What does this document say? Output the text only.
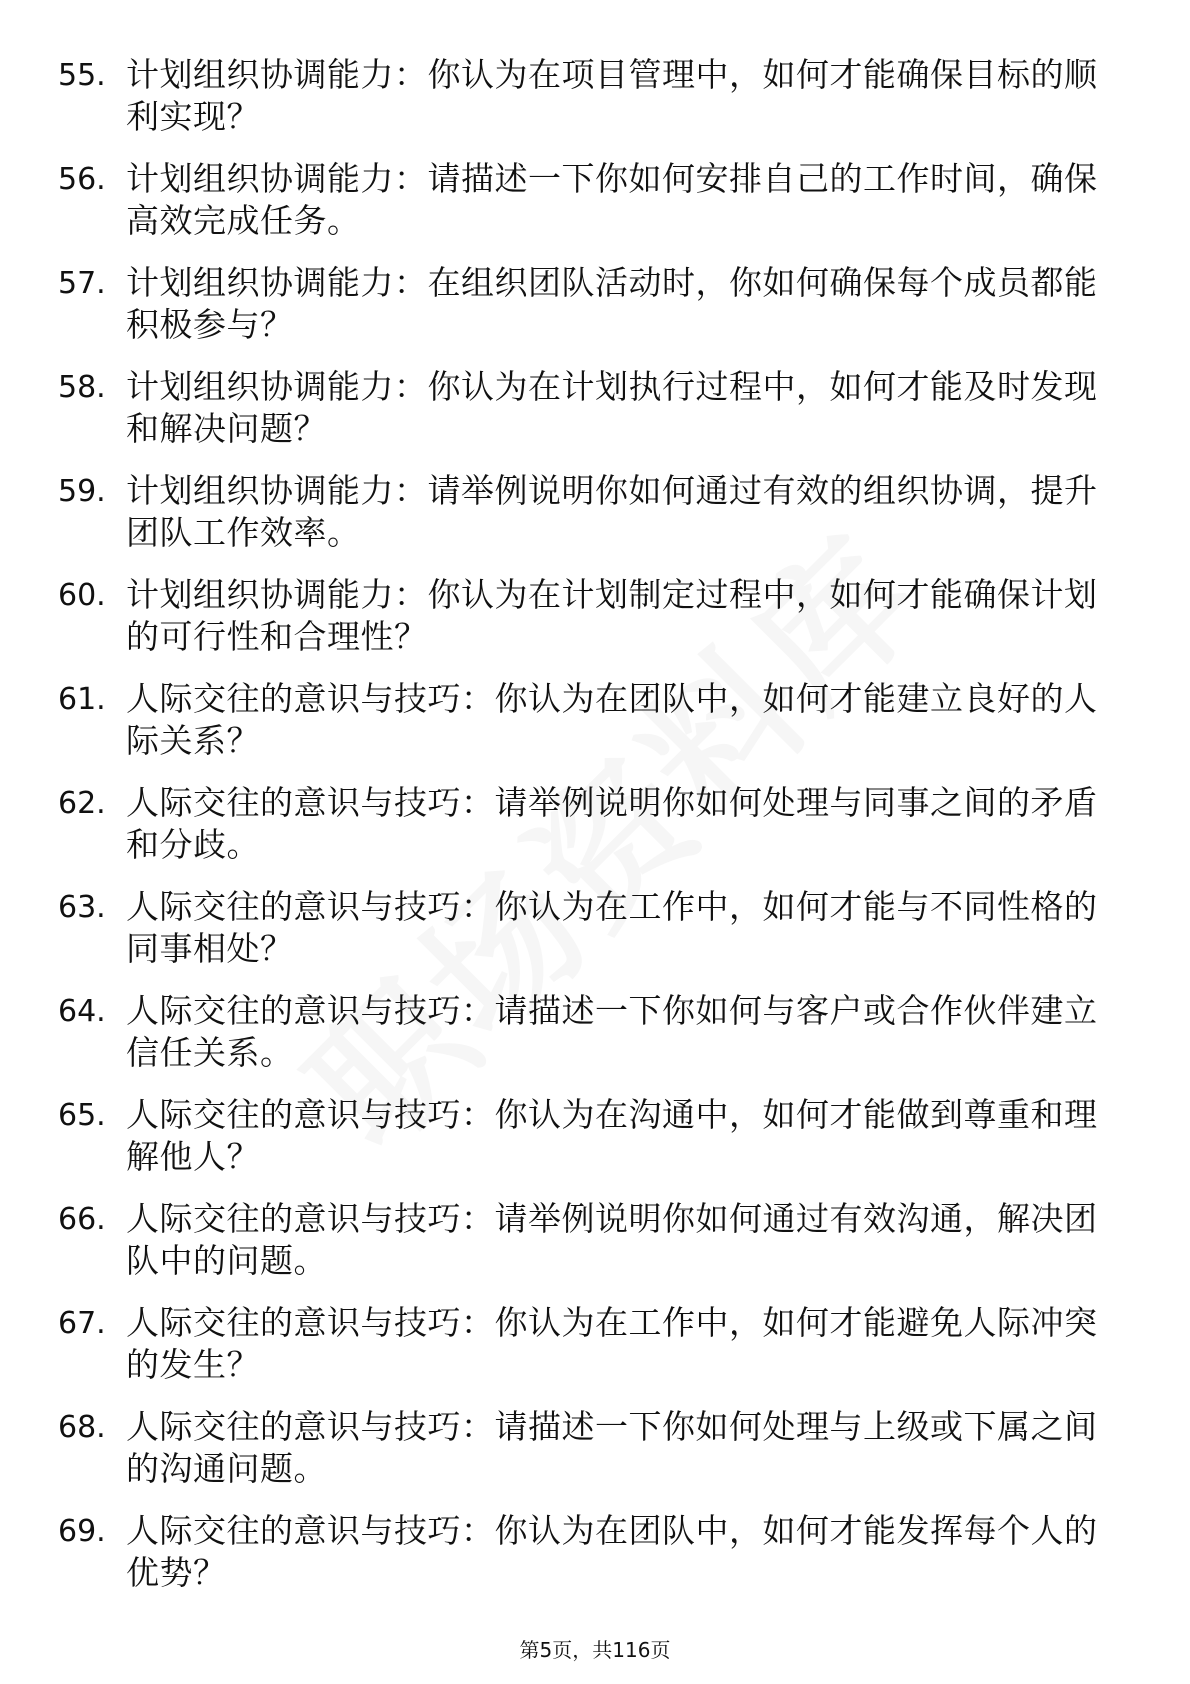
55. 计划组织协调能力：你认为在项目管理中，如何才能确保目标的顺利实现？
56. 计划组织协调能力：请描述一下你如何安排自己的工作时间，确保高效完成任务。
57. 计划组织协调能力：在组织团队活动时，你如何确保每个成员都能积极参与？
58. 计划组织协调能力：你认为在计划执行过程中，如何才能及时发现和解决问题？
59. 计划组织协调能力：请举例说明你如何通过有效的组织协调，提升团队工作效率。
60. 计划组织协调能力：你认为在计划制定过程中，如何才能确保计划的可行性和合理性？
61. 人际交往的意识与技巧：你认为在团队中，如何才能建立良好的人际关系？
62. 人际交往的意识与技巧：请举例说明你如何处理与同事之间的矛盾和分歧。
63. 人际交往的意识与技巧：你认为在工作中，如何才能与不同性格的同事相处？
64. 人际交往的意识与技巧：请描述一下你如何与客户或合作伙伴建立信任关系。
65. 人际交往的意识与技巧：你认为在沟通中，如何才能做到尊重和理解他人？
66. 人际交往的意识与技巧：请举例说明你如何通过有效沟通，解决团队中的问题。
67. 人际交往的意识与技巧：你认为在工作中，如何才能避免人际冲突的发生？
68. 人际交往的意识与技巧：请描述一下你如何处理与上级或下属之间的沟通问题。
69. 人际交往的意识与技巧：你认为在团队中，如何才能发挥每个人的优势？
第5页，共116页
